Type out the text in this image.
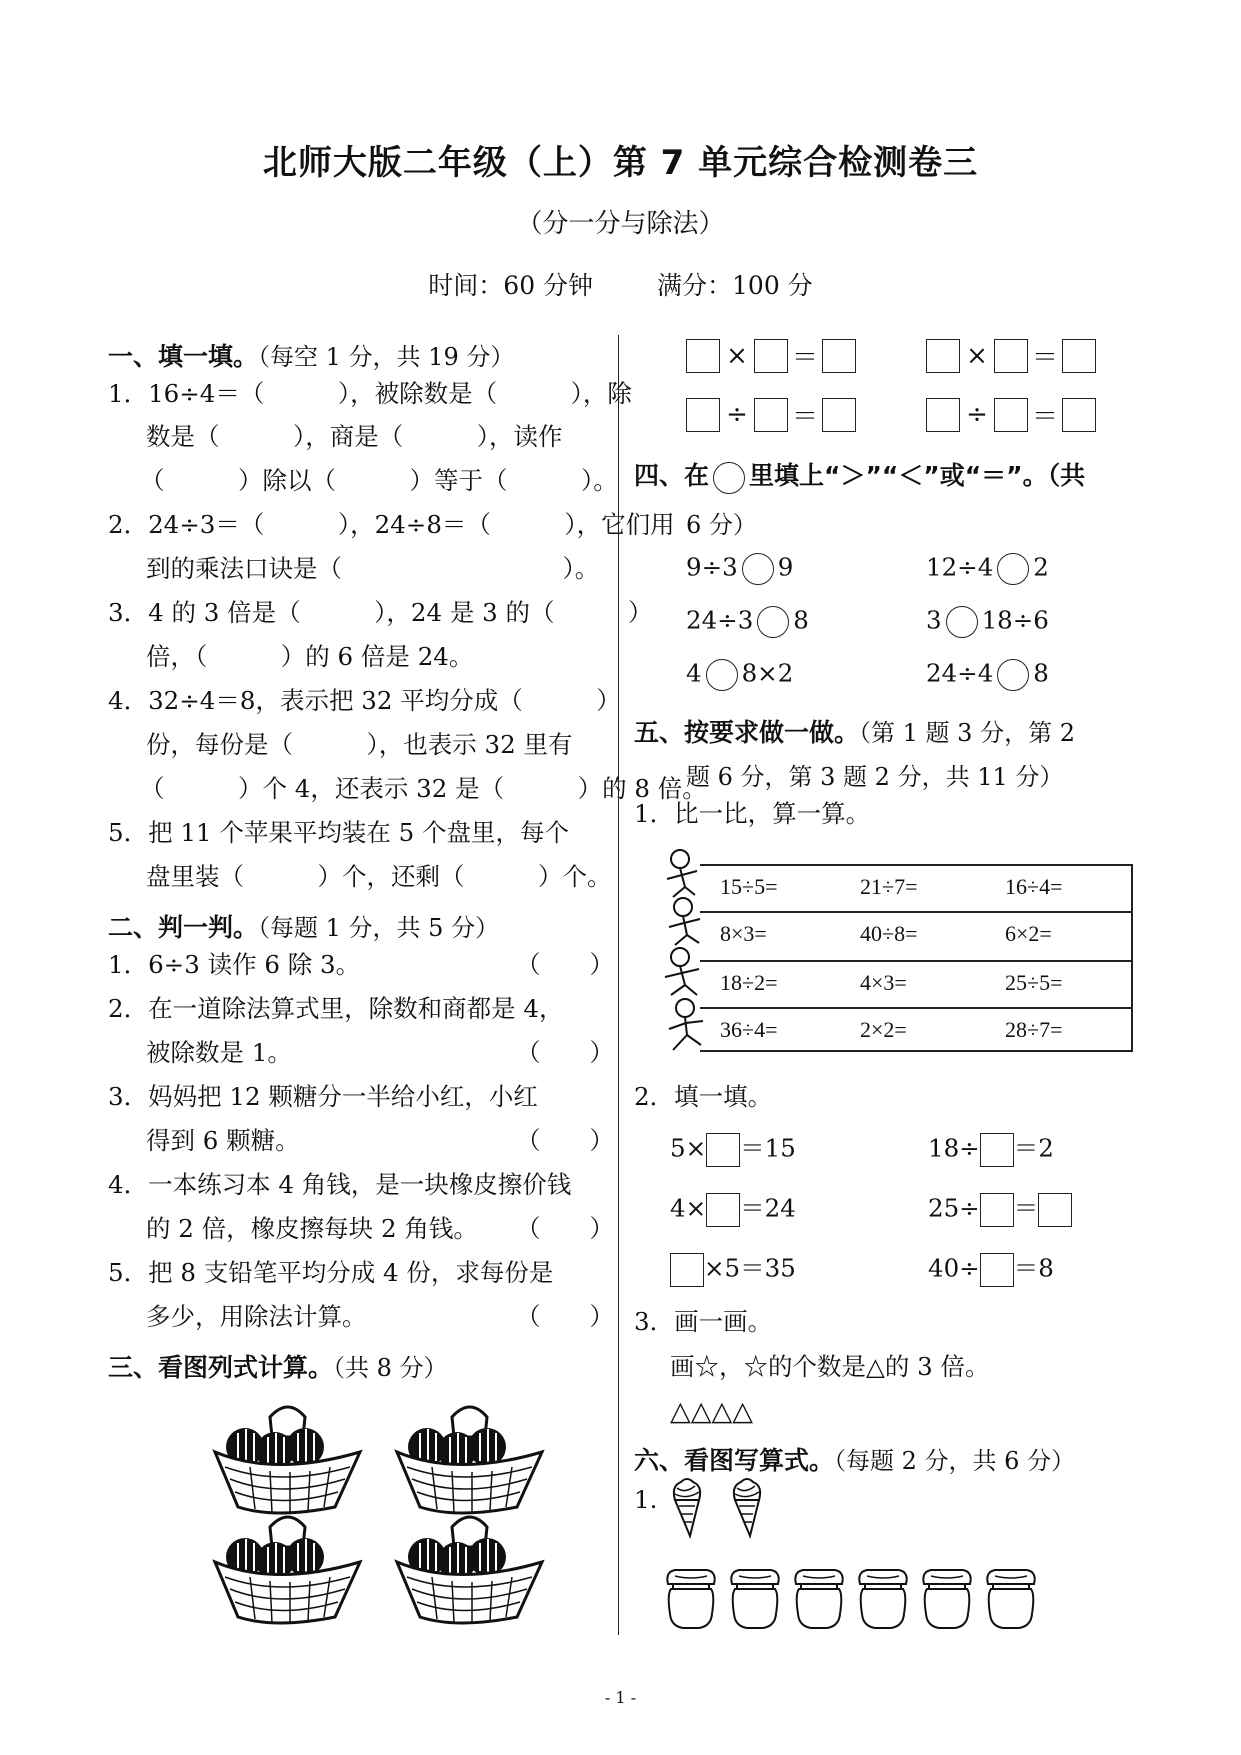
北师大版二年级（上）第 7 单元综合检测卷三
（分一分与除法）
时间：60 分钟	满分：100 分
一、填一填。（每空 1 分，共 19 分）
1．16÷4＝（　　　），被除数是（　　　），除
数是（　　　），商是（　　　），读作
（　　　）除以（　　　）等于（　　　）。
2．24÷3＝（　　　），24÷8＝（　　　），它们用
到的乘法口诀是（　　　　　　　　　）。
3．4 的 3 倍是（　　　），24 是 3 的（　　　）
倍，（　　　）的 6 倍是 24。
4．32÷4＝8，表示把 32 平均分成（　　　）
份，每份是（　　　），也表示 32 里有
（　　　）个 4，还表示 32 是（　　　）的 8 倍。
5．把 11 个苹果平均装在 5 个盘里，每个
盘里装（　　　）个，还剩（　　　）个。
二、判一判。（每题 1 分，共 5 分）
1．6÷3 读作 6 除 3。	（　　）
2．在一道除法算式里，除数和商都是 4，
被除数是 1。	（　　）
3．妈妈把 12 颗糖分一半给小红，小红
得到 6 颗糖。	（　　）
4．一本练习本 4 角钱，是一块橡皮擦价钱
的 2 倍，橡皮擦每块 2 角钱。 （　　）
5．把 8 支铅笔平均分成 4 份，求每份是
多少，用除法计算。	（　　）
三、看图列式计算。（共 8 分）
× ＝	× ＝
÷ ＝	÷ ＝
四、在 里填上“＞”“＜”或“＝”。（共
6 分）
9÷3 9	12÷4 2
24÷3 8	3 18÷6
4 8×2	24÷4 8
五、按要求做一做。（第 1 题 3 分，第 2
题 6 分，第 3 题 2 分，共 11 分）
1．比一比，算一算。
15÷5=	21÷7=	16÷4=
8×3=	40÷8=	6×2=
18÷2=	4×3=	25÷5=
36÷4=	2×2=	28÷7=
2．填一填。
5× ＝15	18÷ ＝2
4× ＝24	25÷ ＝
×5＝35	40÷ ＝8
3．画一画。
画☆，☆的个数是△的 3 倍。
△△△△
六、看图写算式。（每题 2 分，共 6 分）
1.
- 1 -
